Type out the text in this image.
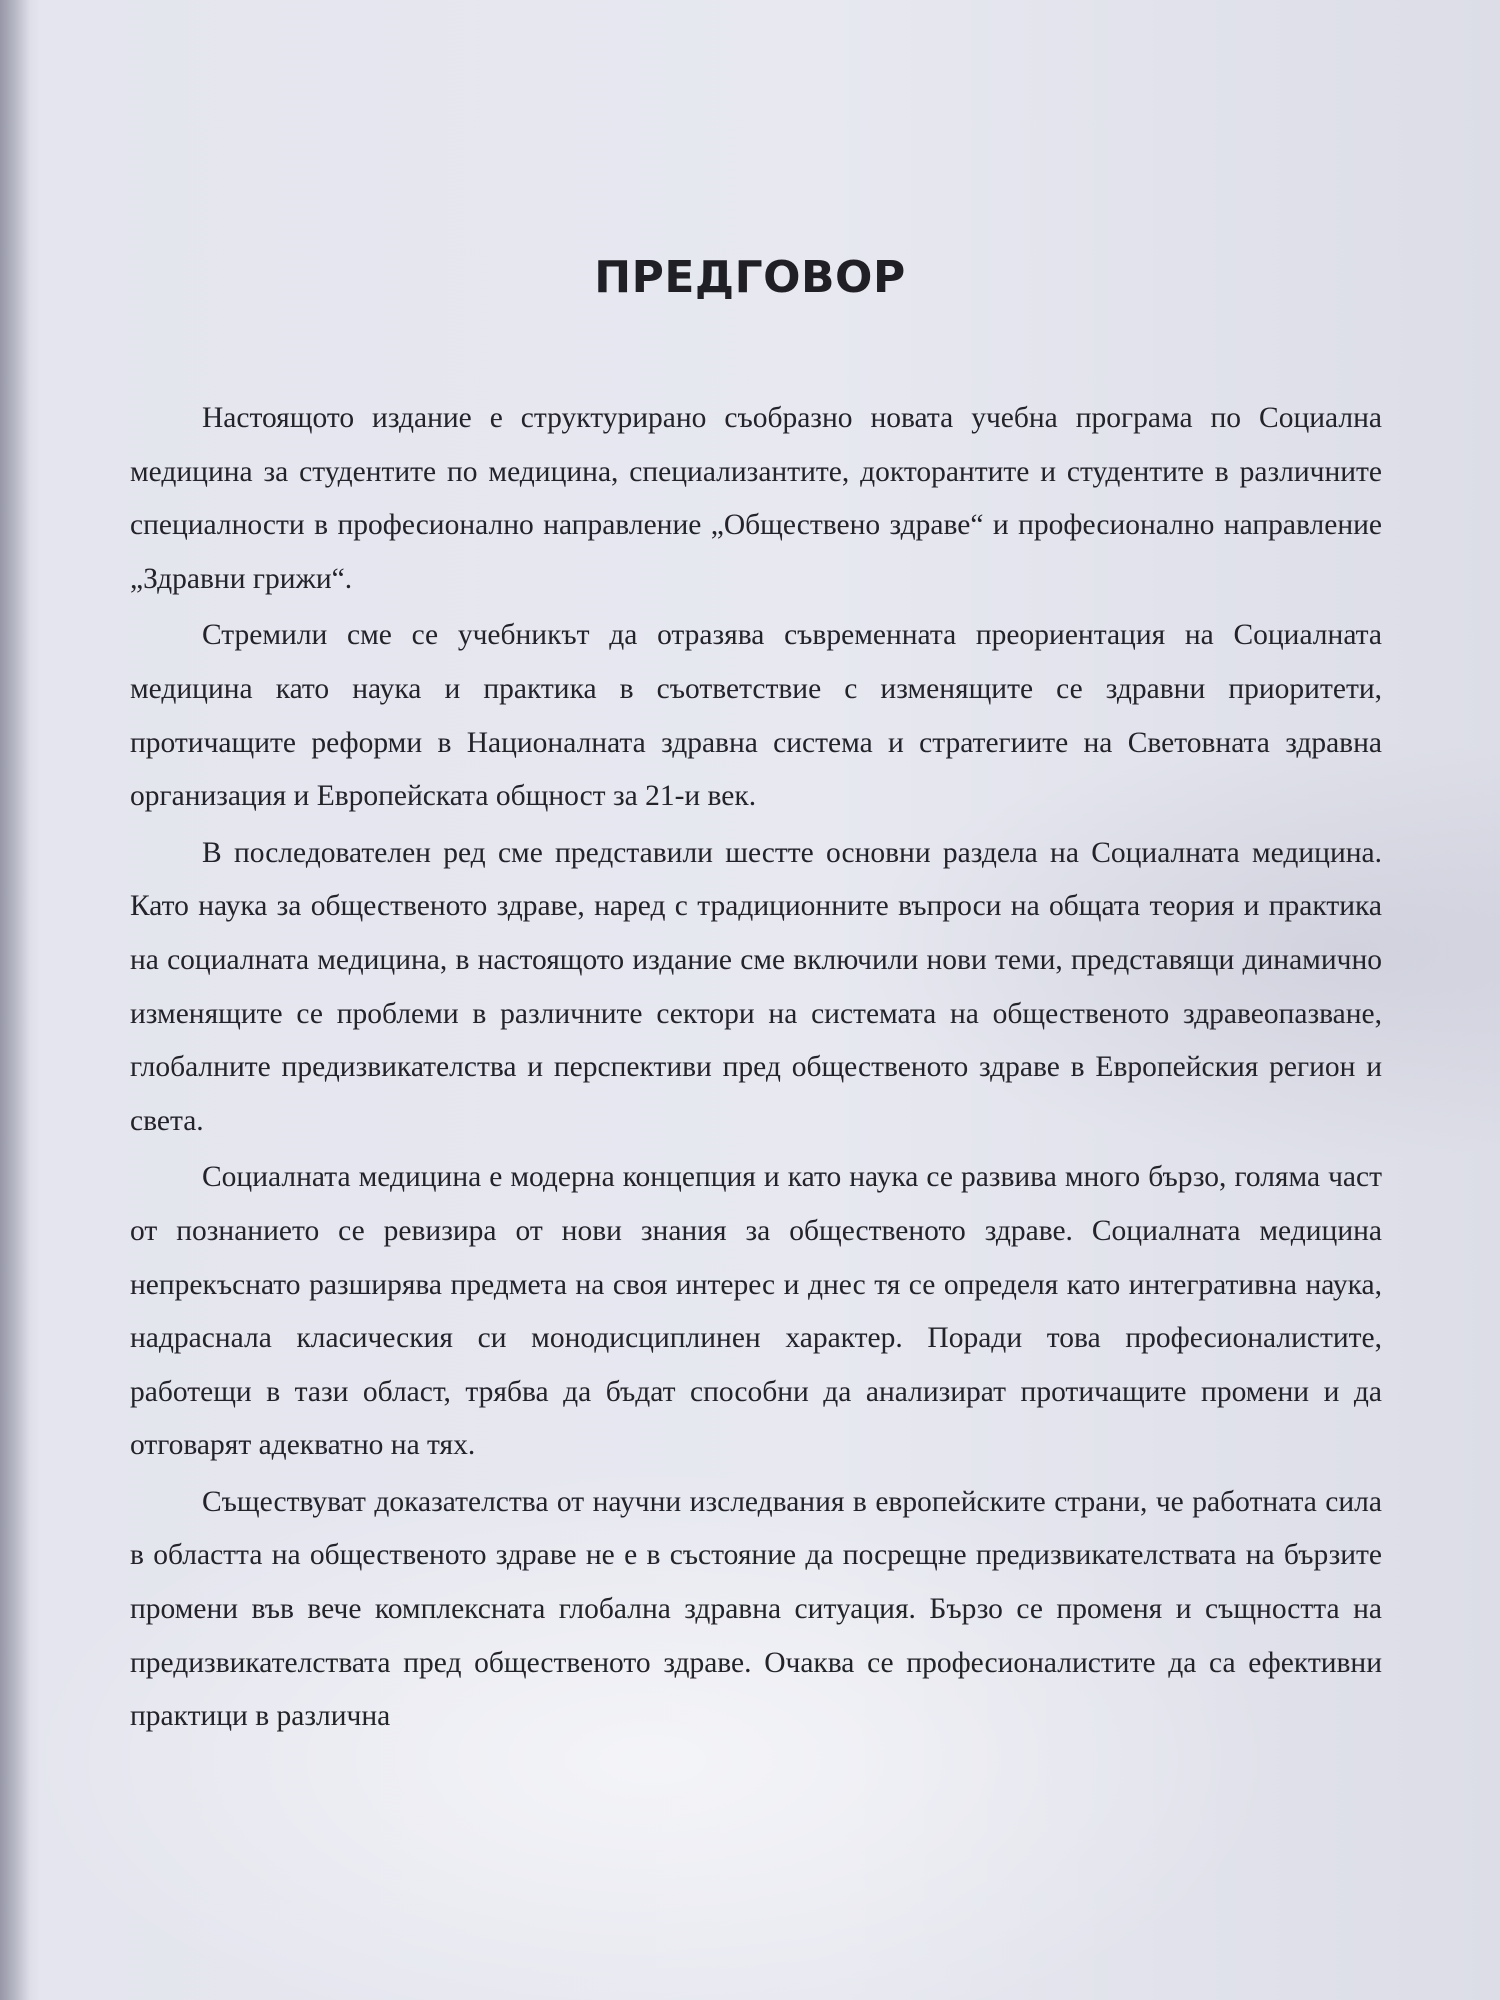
ПРЕДГОВОР

Настоящото издание е структурирано съобразно новата учебна програма по Социална медицина за студентите по медицина, специализантите, докторантите и студентите в различните специалности в професионално направление „Обществено здраве“ и професионално направление „Здравни грижи“.

Стремили сме се учебникът да отразява съвременната преориентация на Социалната медицина като наука и практика в съответствие с изменящите се здравни приоритети, протичащите реформи в Националната здравна система и стратегиите на Световната здравна организация и Европейската общност за 21-и век.

В последователен ред сме представили шестте основни раздела на Социалната медицина. Като наука за общественото здраве, наред с традиционните въпроси на общата теория и практика на социалната медицина, в настоящото издание сме включили нови теми, представящи динамично изменящите се проблеми в различните сектори на системата на общественото здравеопазване, глобалните предизвикателства и перспективи пред общественото здраве в Европейския регион и света.

Социалната медицина е модерна концепция и като наука се развива много бързо, голяма част от познанието се ревизира от нови знания за общественото здраве. Социалната медицина непрекъснато разширява предмета на своя интерес и днес тя се определя като интегративна наука, надраснала класическия си монодисциплинен характер. Поради това професионалистите, работещи в тази област, трябва да бъдат способни да анализират протичащите промени и да отговарят адекватно на тях.

Съществуват доказателства от научни изследвания в европейските страни, че работната сила в областта на общественото здраве не е в състояние да посрещне предизвикателствата на бързите промени във вече комплексната глобална здравна ситуация. Бързо се променя и същността на предизвикателствата пред общественото здраве. Очаква се професионалистите да са ефективни практици в различна
